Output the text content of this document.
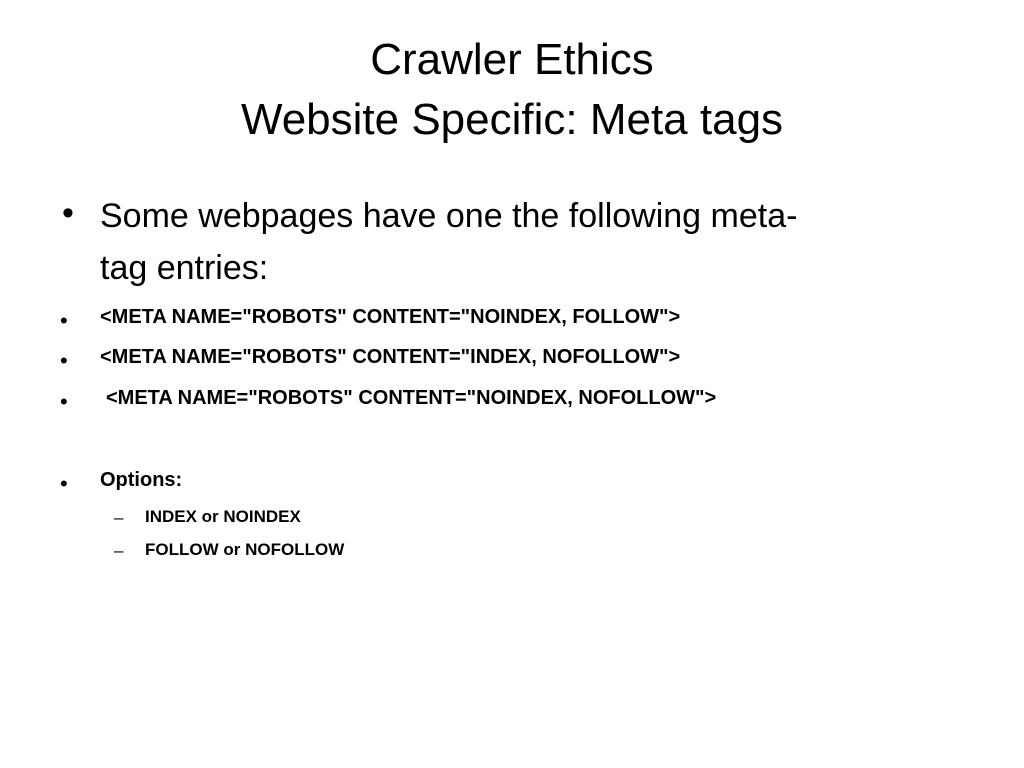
Crawler Ethics
Website Specific: Meta tags
• Some webpages have one the following meta-
tag entries:
• <META NAME="ROBOTS" CONTENT="NOINDEX, FOLLOW">
• <META NAME="ROBOTS" CONTENT="INDEX, NOFOLLOW">
• <META NAME="ROBOTS" CONTENT="NOINDEX, NOFOLLOW">
• Options:
– INDEX or NOINDEX
– FOLLOW or NOFOLLOW
